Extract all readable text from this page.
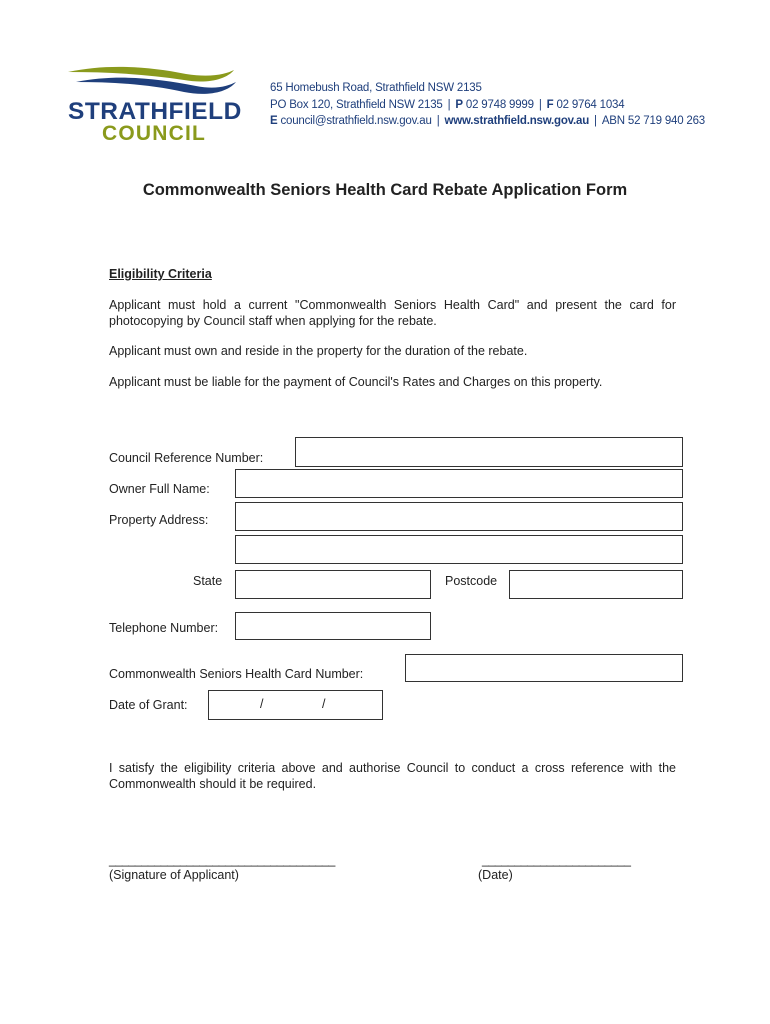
STRATHFIELD
COUNCIL
65 Homebush Road, Strathfield NSW 2135
PO Box 120, Strathfield NSW 2135 | P 02 9748 9999 | F 02 9764 1034
E council@strathfield.nsw.gov.au | www.strathfield.nsw.gov.au | ABN 52 719 940 263
Commonwealth Seniors Health Card Rebate Application Form
Eligibility Criteria
Applicant must hold a current "Commonwealth Seniors Health Card" and present the card for photocopying by Council staff when applying for the rebate.
Applicant must own and reside in the property for the duration of the rebate.
Applicant must be liable for the payment of Council's Rates and Charges on this property.
Council Reference Number:
Owner Full Name:
Property Address:
State	Postcode
Telephone Number:
Commonwealth Seniors Health Card Number:
Date of Grant:	/	/
I satisfy the eligibility criteria above and authorise Council to conduct a cross reference with the Commonwealth should it be required.
___________________________________
(Signature of Applicant)
_______________________
(Date)
